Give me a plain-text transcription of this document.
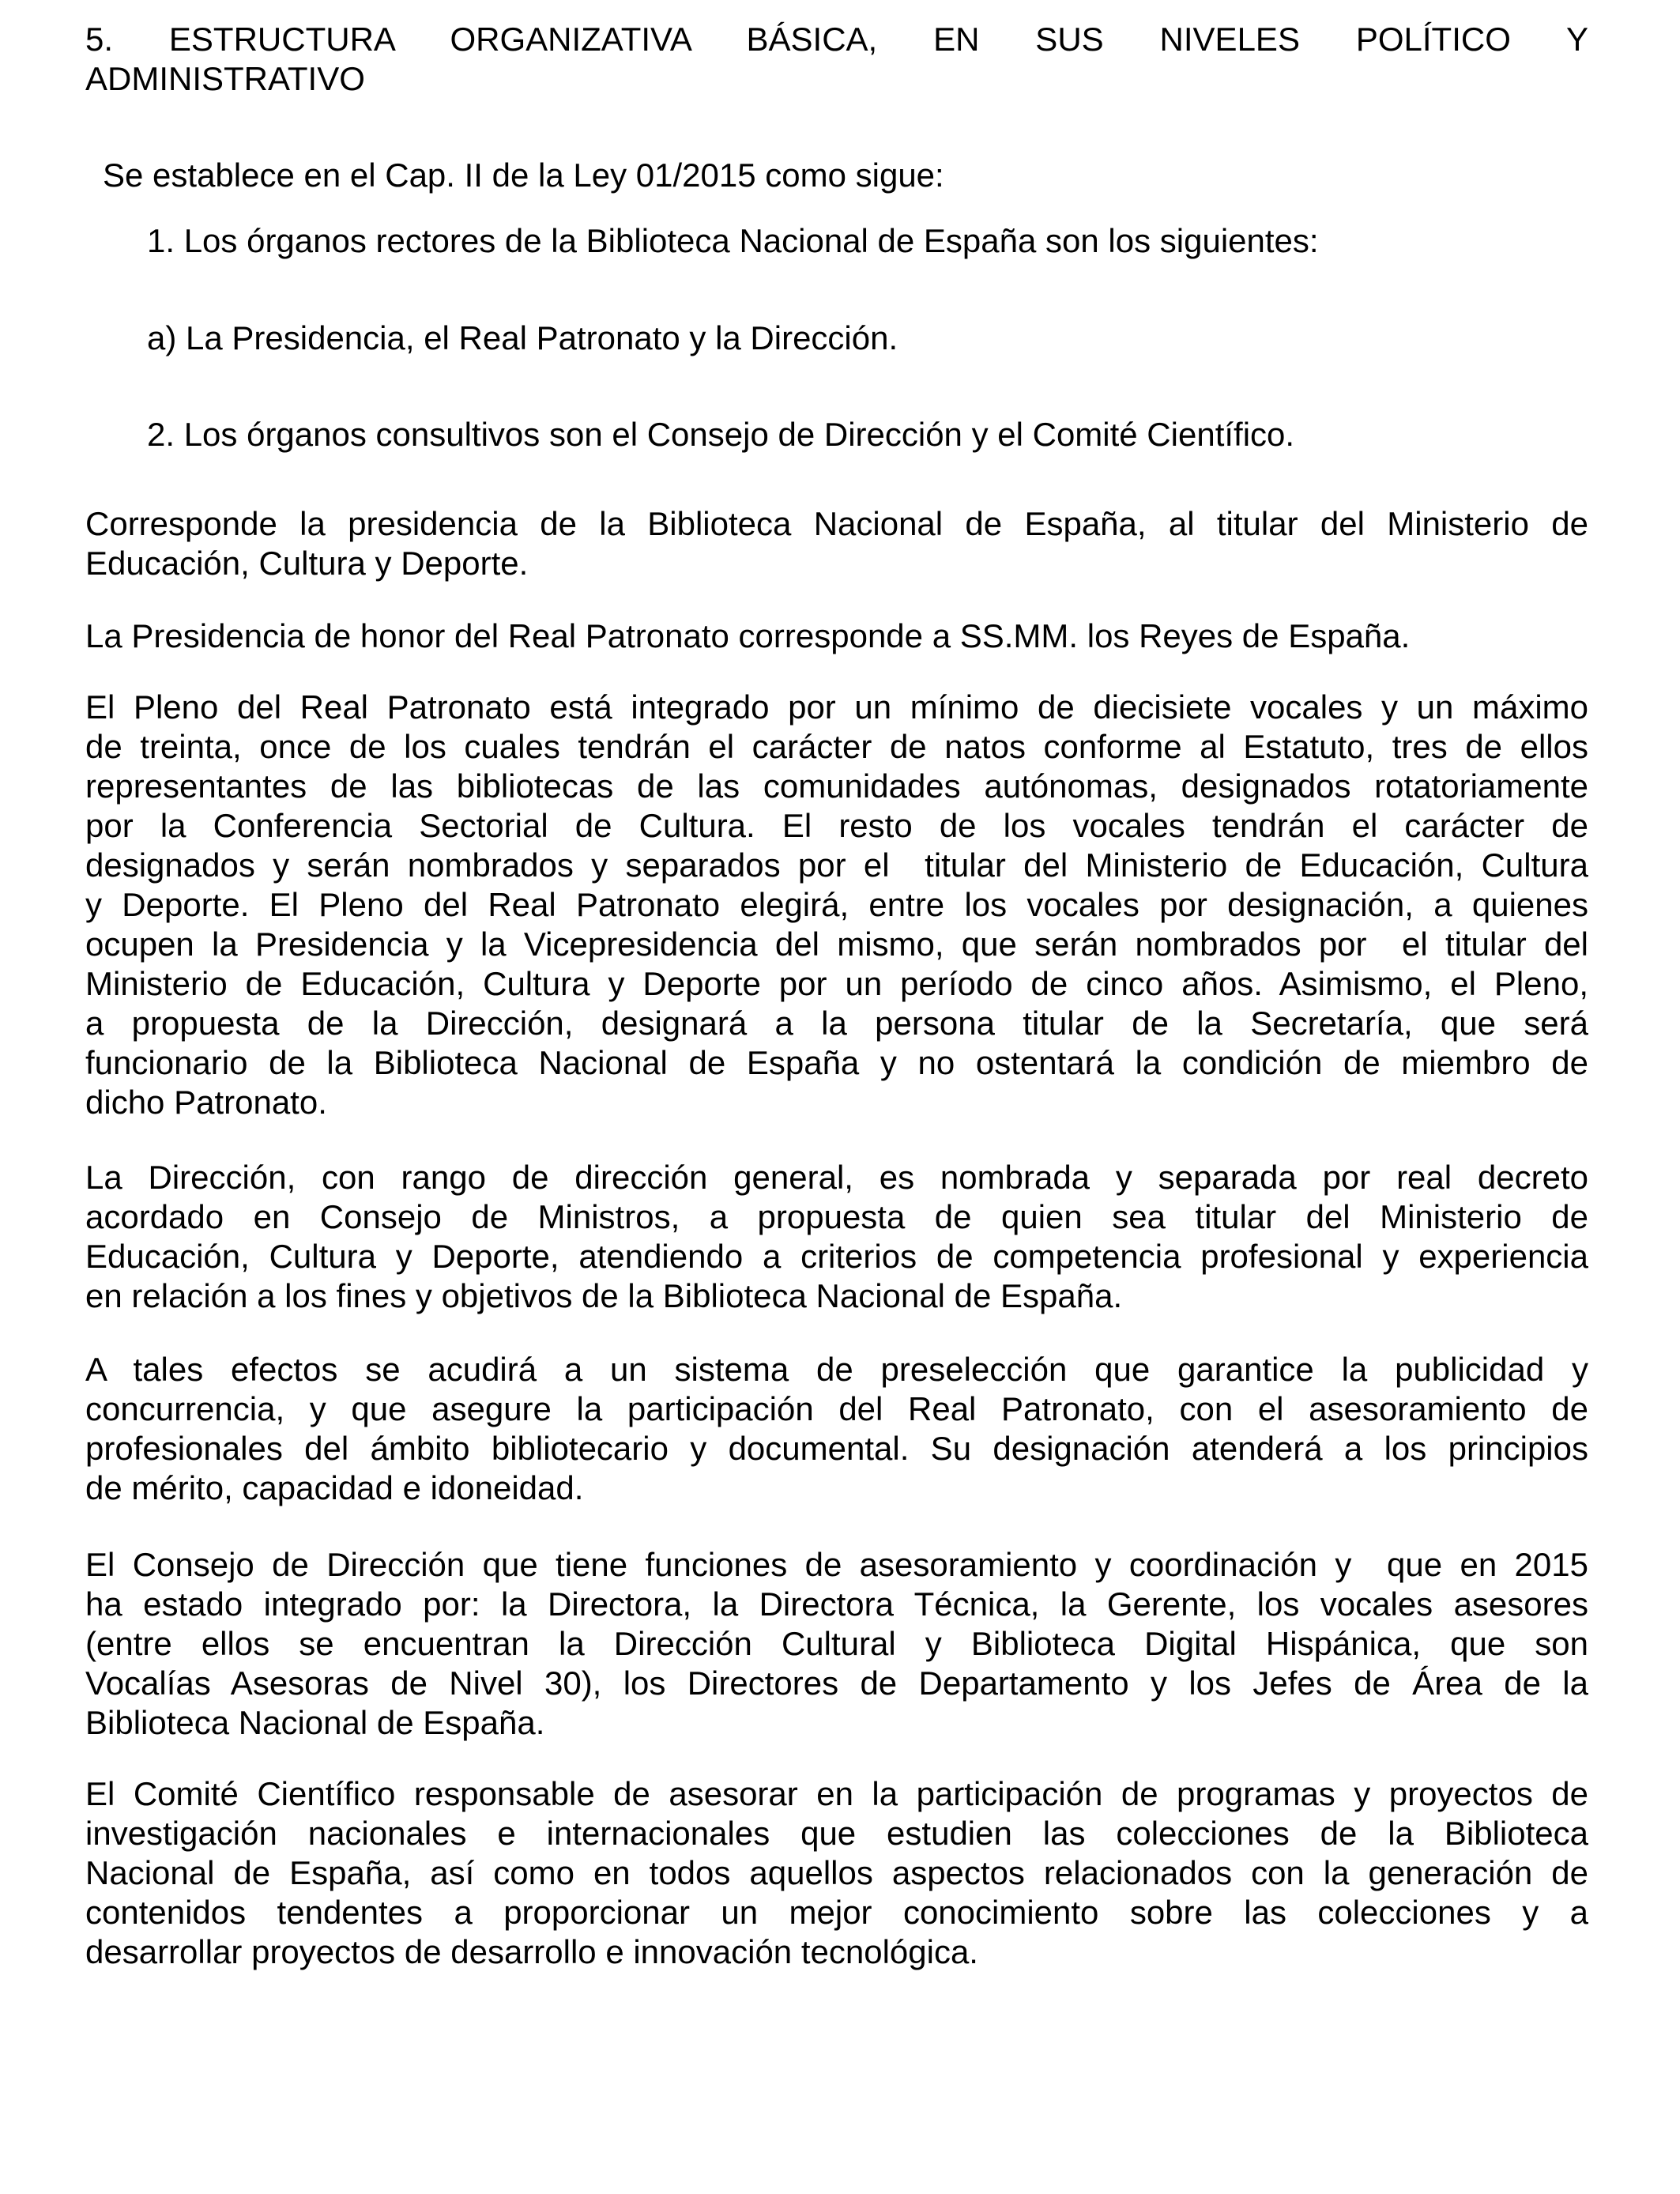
5. ESTRUCTURA ORGANIZATIVA BÁSICA, EN SUS NIVELES POLÍTICO Y
ADMINISTRATIVO
Se establece en el Cap. II de la Ley 01/2015 como sigue:
1. Los órganos rectores de la Biblioteca Nacional de España son los siguientes:
a) La Presidencia, el Real Patronato y la Dirección.
2. Los órganos consultivos son el Consejo de Dirección y el Comité Científico.
Corresponde la presidencia de la Biblioteca Nacional de España, al titular del Ministerio de
Educación, Cultura y Deporte.
La Presidencia de honor del Real Patronato corresponde a SS.MM. los Reyes de España.
El Pleno del Real Patronato está integrado por un mínimo de diecisiete vocales y un máximo
de treinta, once de los cuales tendrán el carácter de natos conforme al Estatuto, tres de ellos
representantes de las bibliotecas de las comunidades autónomas, designados rotatoriamente
por la Conferencia Sectorial de Cultura. El resto de los vocales tendrán el carácter de
designados y serán nombrados y separados por el  titular del Ministerio de Educación, Cultura
y Deporte. El Pleno del Real Patronato elegirá, entre los vocales por designación, a quienes
ocupen la Presidencia y la Vicepresidencia del mismo, que serán nombrados por  el titular del
Ministerio de Educación, Cultura y Deporte por un período de cinco años. Asimismo, el Pleno,
a propuesta de la Dirección, designará a la persona titular de la Secretaría, que será
funcionario de la Biblioteca Nacional de España y no ostentará la condición de miembro de
dicho Patronato.
La Dirección, con rango de dirección general, es nombrada y separada por real decreto
acordado en Consejo de Ministros, a propuesta de quien sea titular del Ministerio de
Educación, Cultura y Deporte, atendiendo a criterios de competencia profesional y experiencia
en relación a los fines y objetivos de la Biblioteca Nacional de España.
A tales efectos se acudirá a un sistema de preselección que garantice la publicidad y
concurrencia, y que asegure la participación del Real Patronato, con el asesoramiento de
profesionales del ámbito bibliotecario y documental. Su designación atenderá a los principios
de mérito, capacidad e idoneidad.
El Consejo de Dirección que tiene funciones de asesoramiento y coordinación y  que en 2015
ha estado integrado por: la Directora, la Directora Técnica, la Gerente, los vocales asesores
(entre ellos se encuentran la Dirección Cultural y Biblioteca Digital Hispánica, que son
Vocalías Asesoras de Nivel 30), los Directores de Departamento y los Jefes de Área de la
Biblioteca Nacional de España.
El Comité Científico responsable de asesorar en la participación de programas y proyectos de
investigación nacionales e internacionales que estudien las colecciones de la Biblioteca
Nacional de España, así como en todos aquellos aspectos relacionados con la generación de
contenidos tendentes a proporcionar un mejor conocimiento sobre las colecciones y a
desarrollar proyectos de desarrollo e innovación tecnológica.
